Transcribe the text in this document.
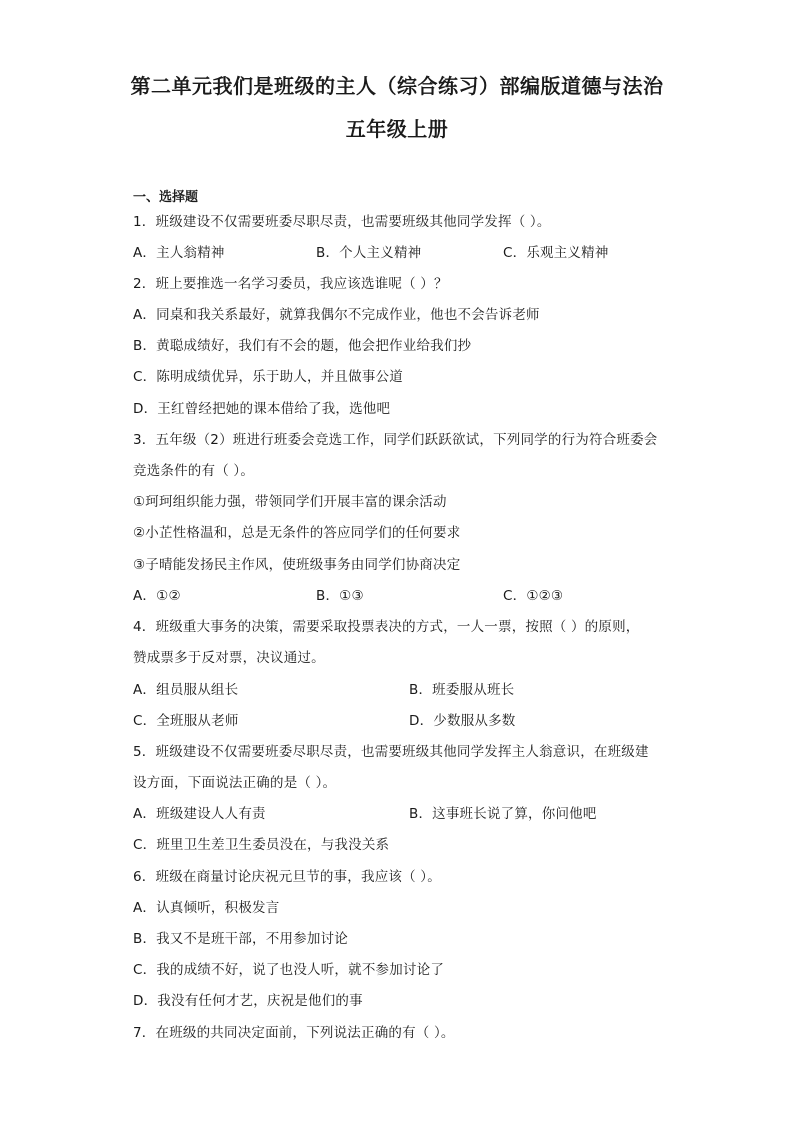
第二单元我们是班级的主人（综合练习）部编版道德与法治
五年级上册
一、选择题
1．班级建设不仅需要班委尽职尽责，也需要班级其他同学发挥（ ）。
A．主人翁精神	B．个人主义精神	C．乐观主义精神
2．班上要推选一名学习委员，我应该选谁呢（ ）？
A．同桌和我关系最好，就算我偶尔不完成作业，他也不会告诉老师
B．黄聪成绩好，我们有不会的题，他会把作业给我们抄
C．陈明成绩优异，乐于助人，并且做事公道
D．王红曾经把她的课本借给了我，选他吧
3．五年级（2）班进行班委会竞选工作，同学们跃跃欲试，下列同学的行为符合班委会
竞选条件的有（ ）。
①珂珂组织能力强，带领同学们开展丰富的课余活动
②小芷性格温和，总是无条件的答应同学们的任何要求
③子晴能发扬民主作风，使班级事务由同学们协商决定
A．①②	B．①③	C．①②③
4．班级重大事务的决策，需要采取投票表决的方式，一人一票，按照（ ）的原则，
赞成票多于反对票，决议通过。
A．组员服从组长	B．班委服从班长
C．全班服从老师	D．少数服从多数
5．班级建设不仅需要班委尽职尽责，也需要班级其他同学发挥主人翁意识，在班级建
设方面，下面说法正确的是（ ）。
A．班级建设人人有责	B．这事班长说了算，你问他吧
C．班里卫生差卫生委员没在，与我没关系
6．班级在商量讨论庆祝元旦节的事，我应该（ ）。
A．认真倾听，积极发言
B．我又不是班干部，不用参加讨论
C．我的成绩不好，说了也没人听，就不参加讨论了
D．我没有任何才艺，庆祝是他们的事
7．在班级的共同决定面前，下列说法正确的有（ ）。
